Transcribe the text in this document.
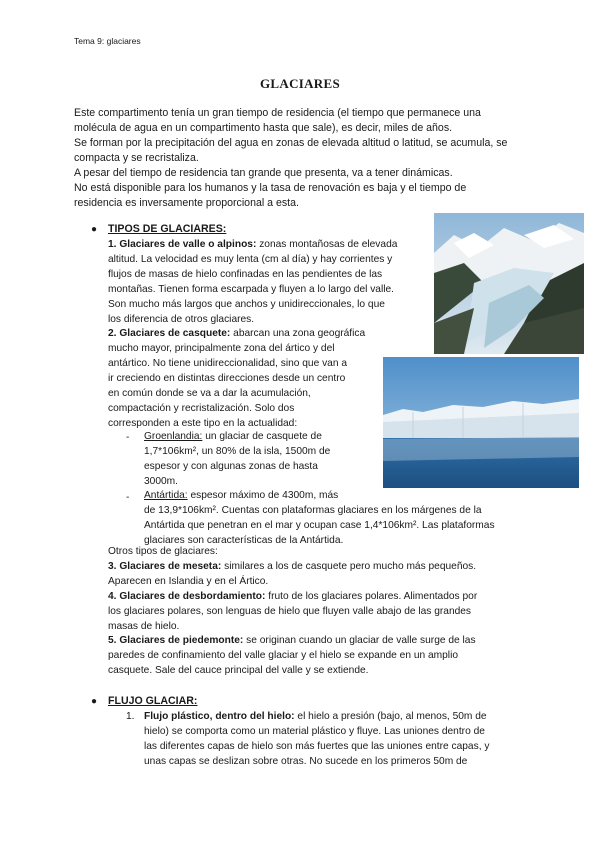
Tema 9: glaciares
GLACIARES

Este compartimento tenía un gran tiempo de residencia (el tiempo que permanece una

molécula de agua en un compartimento hasta que sale), es decir, miles de años.

Se forman por la precipitación del agua en zonas de elevada altitud o latitud, se acumula, se

compacta y se recristaliza.

A pesar del tiempo de residencia tan grande que presenta, va a tener dinámicas.

No está disponible para los humanos y la tasa de renovación es baja y el tiempo de

residencia es inversamente proporcional a esta.

● TIPOS DE GLACIARES:

1. Glaciares de valle o alpinos: zonas montañosas de elevada

altitud. La velocidad es muy lenta (cm al día) y hay corrientes y

flujos de masas de hielo confinadas en las pendientes de las

montañas. Tienen forma escarpada y fluyen a lo largo del valle.

Son mucho más largos que anchos y unidireccionales, lo que

los diferencia de otros glaciares.

2. Glaciares de casquete: abarcan una zona geográfica

mucho mayor, principalmente zona del ártico y del

antártico. No tiene unidireccionalidad, sino que van a

ir creciendo en distintas direcciones desde un centro

en común donde se va a dar la acumulación,

compactación y recristalización. Solo dos

corresponden a este tipo en la actualidad:

- Groenlandia: un glaciar de casquete de

1,7*106km², un 80% de la isla, 1500m de

espesor y con algunas zonas de hasta

3000m.

- Antártida: espesor máximo de 4300m, más

de 13,9*106km². Cuentas con plataformas glaciares en los márgenes de la

Antártida que penetran en el mar y ocupan case 1,4*106km². Las plataformas

glaciares son características de la Antártida.

Otros tipos de glaciares:

3. Glaciares de meseta: similares a los de casquete pero mucho más pequeños.

Aparecen en Islandia y en el Ártico.

4. Glaciares de desbordamiento: fruto de los glaciares polares. Alimentados por

los glaciares polares, son lenguas de hielo que fluyen valle abajo de las grandes

masas de hielo.

5. Glaciares de piedemonte: se originan cuando un glaciar de valle surge de las

paredes de confinamiento del valle glaciar y el hielo se expande en un amplio

casquete. Sale del cauce principal del valle y se extiende.

● FLUJO GLACIAR:
1. Flujo plástico, dentro del hielo: el hielo a presión (bajo, al menos, 50m de

hielo) se comporta como un material plástico y fluye. Las uniones dentro de

las diferentes capas de hielo son más fuertes que las uniones entre capas, y

unas capas se deslizan sobre otras. No sucede en los primeros 50m de
